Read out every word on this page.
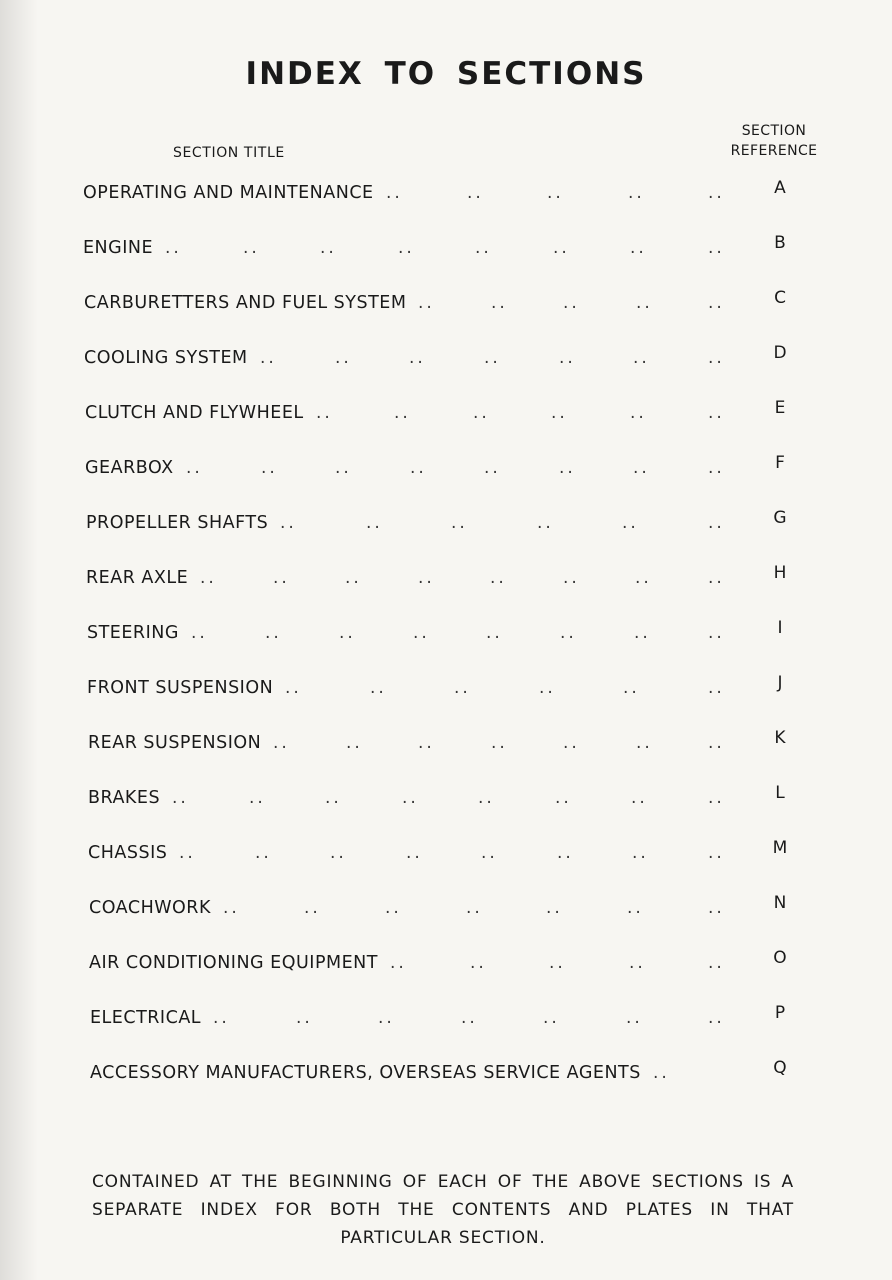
INDEX TO SECTIONS
SECTION TITLE
SECTION
REFERENCE
OPERATING AND MAINTENANCE ..	..	..	..	..	A
ENGINE ..	..	..	..	..	..	..	..	B
CARBURETTERS AND FUEL SYSTEM ..	..	..	..	..	C
COOLING SYSTEM ..	..	..	..	..	..	..	D
CLUTCH AND FLYWHEEL ..	..	..	..	..	..	E
GEARBOX ..	..	..	..	..	..	..	..	F
PROPELLER SHAFTS ..	..	..	..	..	..	G
REAR AXLE ..	..	..	..	..	..	..	..	H
STEERING ..	..	..	..	..	..	..	..	I
FRONT SUSPENSION ..	..	..	..	..	..	J
REAR SUSPENSION ..	..	..	..	..	..	..	K
BRAKES ..	..	..	..	..	..	..	..	L
CHASSIS ..	..	..	..	..	..	..	..	M
COACHWORK ..	..	..	..	..	..	..	N
AIR CONDITIONING EQUIPMENT ..	..	..	..	..	O
ELECTRICAL ..	..	..	..	..	..	..	P
ACCESSORY MANUFACTURERS, OVERSEAS SERVICE AGENTS ..	Q
CONTAINED AT THE BEGINNING OF EACH OF THE ABOVE SECTIONS IS A SEPARATE INDEX FOR BOTH THE CONTENTS AND PLATES IN THAT PARTICULAR SECTION.
